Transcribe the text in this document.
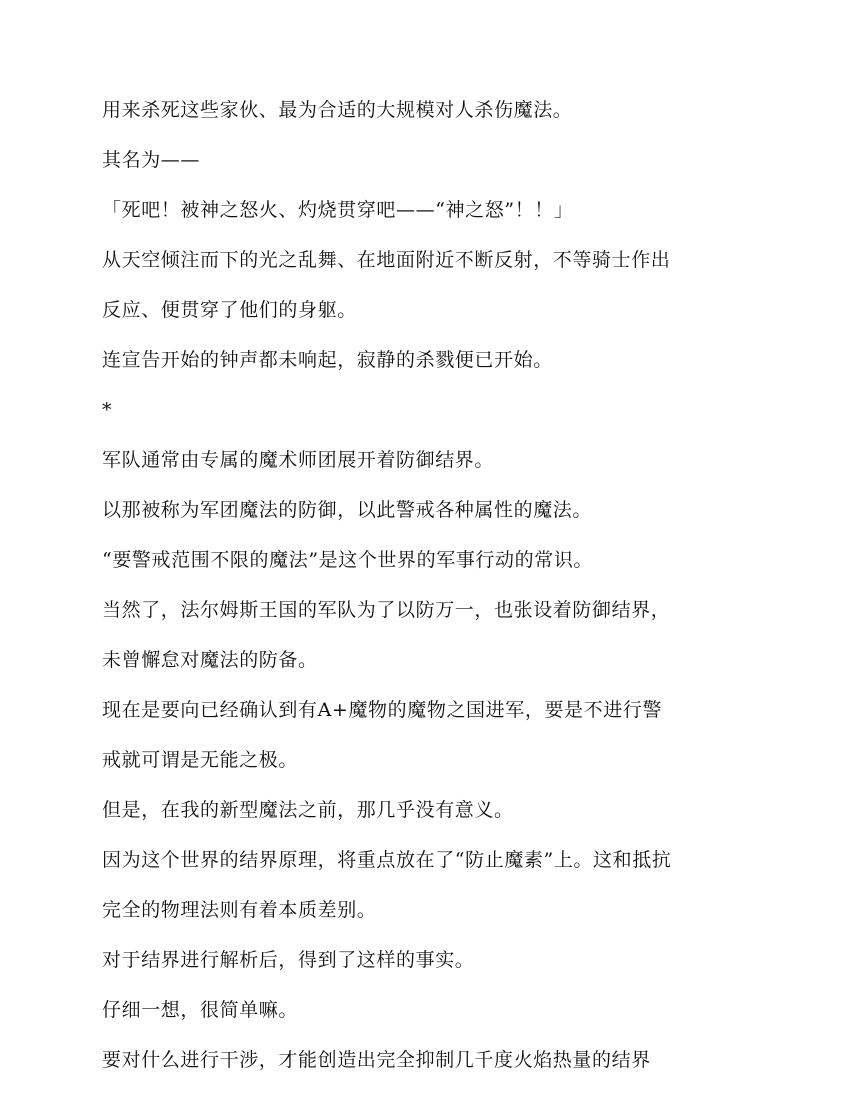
用来杀死这些家伙、最为合适的大规模对人杀伤魔法。

其名为——

「死吧！被神之怒火、灼烧贯穿吧——“神之怒”！！」

从天空倾注而下的光之乱舞、在地面附近不断反射，不等骑士作出

反应、便贯穿了他们的身躯。

连宣告开始的钟声都未响起，寂静的杀戮便已开始。

*

军队通常由专属的魔术师团展开着防御结界。

以那被称为军团魔法的防御，以此警戒各种属性的魔法。

“要警戒范围不限的魔法”是这个世界的军事行动的常识。

当然了，法尔姆斯王国的军队为了以防万一，也张设着防御结界，

未曾懈怠对魔法的防备。

现在是要向已经确认到有A+魔物的魔物之国进军，要是不进行警

戒就可谓是无能之极。

但是，在我的新型魔法之前，那几乎没有意义。

因为这个世界的结界原理，将重点放在了“防止魔素”上。这和抵抗

完全的物理法则有着本质差别。

对于结界进行解析后，得到了这样的事实。

仔细一想，很简单嘛。

要对什么进行干涉，才能创造出完全抑制几千度火焰热量的结界
